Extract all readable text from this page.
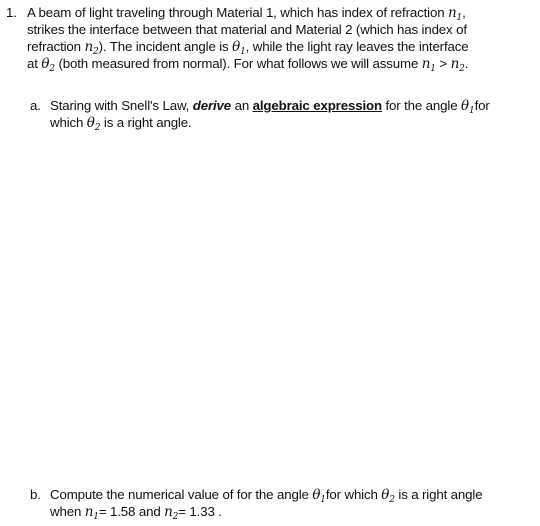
1. A beam of light traveling through Material 1, which has index of refraction $n_1$,
strikes the interface between that material and Material 2 (which has index of
refraction $n_2$). The incident angle is $\theta_1$, while the light ray leaves the interface
at $\theta_2$ (both measured from normal). For what follows we will assume $n_1 > n_2$.
a. Staring with Snell's Law, derive an algebraic expression for the angle $\theta_1for$
which $\theta_2$ is a right angle.
b. Compute the numerical value of for the angle $\theta_1for$ which $\theta_2$ is a right angle
when $n_1= 1.58$ and $n_2= 1.33$ .
